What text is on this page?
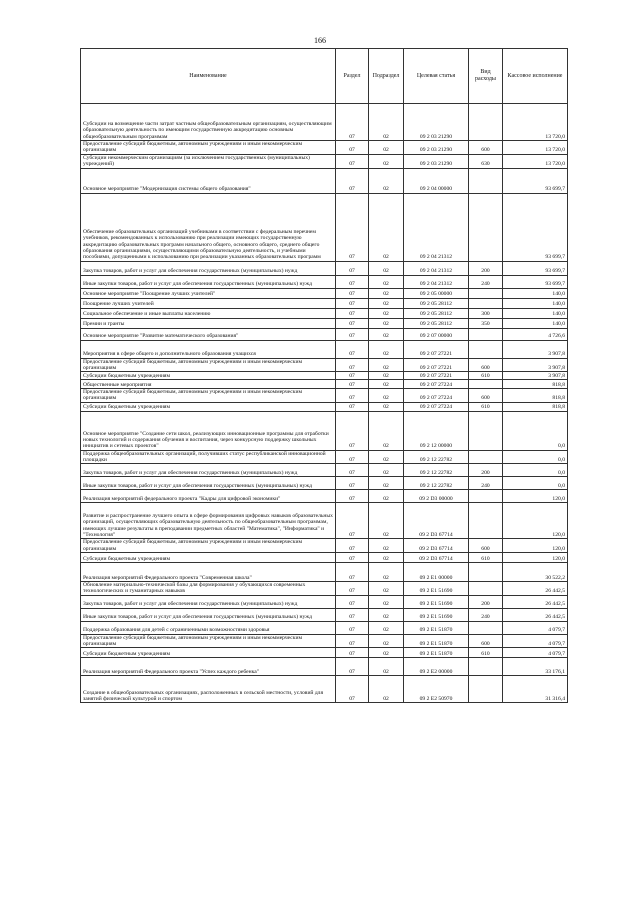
166
Наименование	Раздел	Подраздел	Целевая статья	Вид расходы	Кассовое исполнение
Субсидии на возмещение части затрат частным общеобразовательным организациям, осуществляющим образовательную деятельность по имеющим государственную аккредитацию основным общеобразовательным программам	07	02	09 2 03 21290		13 720,0
Предоставление субсидий бюджетным, автономным учреждениям и иным некоммерческим организациям	07	02	09 2 03 21290	600	13 720,0
Субсидии некоммерческим организациям (за исключением государственных (муниципальных) учреждений)	07	02	09 2 03 21290	630	13 720,0
Основное мероприятие "Модернизация системы общего образования"	07	02	09 2 04 00000		93 699,7
Обеспечение образовательных организаций учебниками в соответствии с федеральным перечнем учебников, рекомендованных к использованию при реализации имеющих государственную аккредитацию образовательных программ начального общего, основного общего, среднего общего образования организациями, осуществляющими образовательную деятельность, и учебными пособиями, допущенными к использованию при реализации указанных образовательных программ	07	02	09 2 04 21312		93 699,7
Закупка товаров, работ и услуг для обеспечения государственных (муниципальных) нужд	07	02	09 2 04 21312	200	93 699,7
Иные закупки товаров, работ и услуг для обеспечения государственных (муниципальных) нужд	07	02	09 2 04 21312	240	93 699,7
Основное мероприятие "Поощрение лучших учителей"	07	02	09 2 05 00000		140,0
Поощрение лучших учителей	07	02	09 2 05 28112		140,0
Социальное обеспечение и иные выплаты населению	07	02	09 2 05 28112	300	140,0
Премии и гранты	07	02	09 2 05 28112	350	140,0
Основное мероприятие "Развитие математического образования"	07	02	09 2 07 00000		4 726,6
Мероприятия в сфере общего и дополнительного образования учащихся	07	02	09 2 07 27221		3 907,8
Предоставление субсидий бюджетным, автономным учреждениям и иным некоммерческим организациям	07	02	09 2 07 27221	600	3 907,8
Субсидии бюджетным учреждениям	07	02	09 2 07 27221	610	3 907,8
Общественные мероприятия	07	02	09 2 07 27224		818,8
Предоставление субсидий бюджетным, автономным учреждениям и иным некоммерческим организациям	07	02	09 2 07 27224	600	818,8
Субсидии бюджетным учреждениям	07	02	09 2 07 27224	610	818,8
Основное мероприятие "Создание сети школ, реализующих инновационные программы для отработки новых технологий и содержания обучения и воспитания, через конкурсную поддержку школьных инициатив и сетевых проектов"	07	02	09 2 12 00000		0,0
Поддержка общеобразовательных организаций, получивших статус республиканской инновационной площадки	07	02	09 2 12 22782		0,0
Закупка товаров, работ и услуг для обеспечения государственных (муниципальных) нужд	07	02	09 2 12 22782	200	0,0
Иные закупки товаров, работ и услуг для обеспечения государственных (муниципальных) нужд	07	02	09 2 12 22782	240	0,0
Реализация мероприятий федерального проекта "Кадры для цифровой экономики"	07	02	09 2 D3 00000		120,0
Развитие и распространение лучшего опыта в сфере формирования цифровых навыков образовательных организаций, осуществляющих образовательную деятельность по общеобразовательным программам, имеющих лучшие результаты в преподавании предметных областей "Математика", "Информатика" и "Технология"	07	02	09 2 D3 67714		120,0
Предоставление субсидий бюджетным, автономным учреждениям и иным некоммерческим организациям	07	02	09 2 D3 67714	600	120,0
Субсидии бюджетным учреждениям	07	02	09 2 D3 67714	610	120,0
Реализация мероприятий Федерального проекта "Современная школа"	07	02	09 2 E1 00000		30 522,2
Обновление материально-технической базы для формирования у обучающихся современных технологических и гуманитарных навыков	07	02	09 2 E1 51690		26 442,5
Закупка товаров, работ и услуг для обеспечения государственных (муниципальных) нужд	07	02	09 2 E1 51690	200	26 442,5
Иные закупки товаров, работ и услуг для обеспечения государственных (муниципальных) нужд	07	02	09 2 E1 51690	240	26 442,5
Поддержка образования для детей с ограниченными возможностями здоровья	07	02	09 2 E1 51870		4 079,7
Предоставление субсидий бюджетным, автономным учреждениям и иным некоммерческим организациям	07	02	09 2 E1 51870	600	4 079,7
Субсидии бюджетным учреждениям	07	02	09 2 E1 51870	610	4 079,7
Реализация мероприятий Федерального проекта "Успех каждого ребенка"	07	02	09 2 E2 00000		33 176,1
Создание в общеобразовательных организациях, расположенных в сельской местности, условий для занятий физической культурой и спортом	07	02	09 2 E2 50970		31 316,4
